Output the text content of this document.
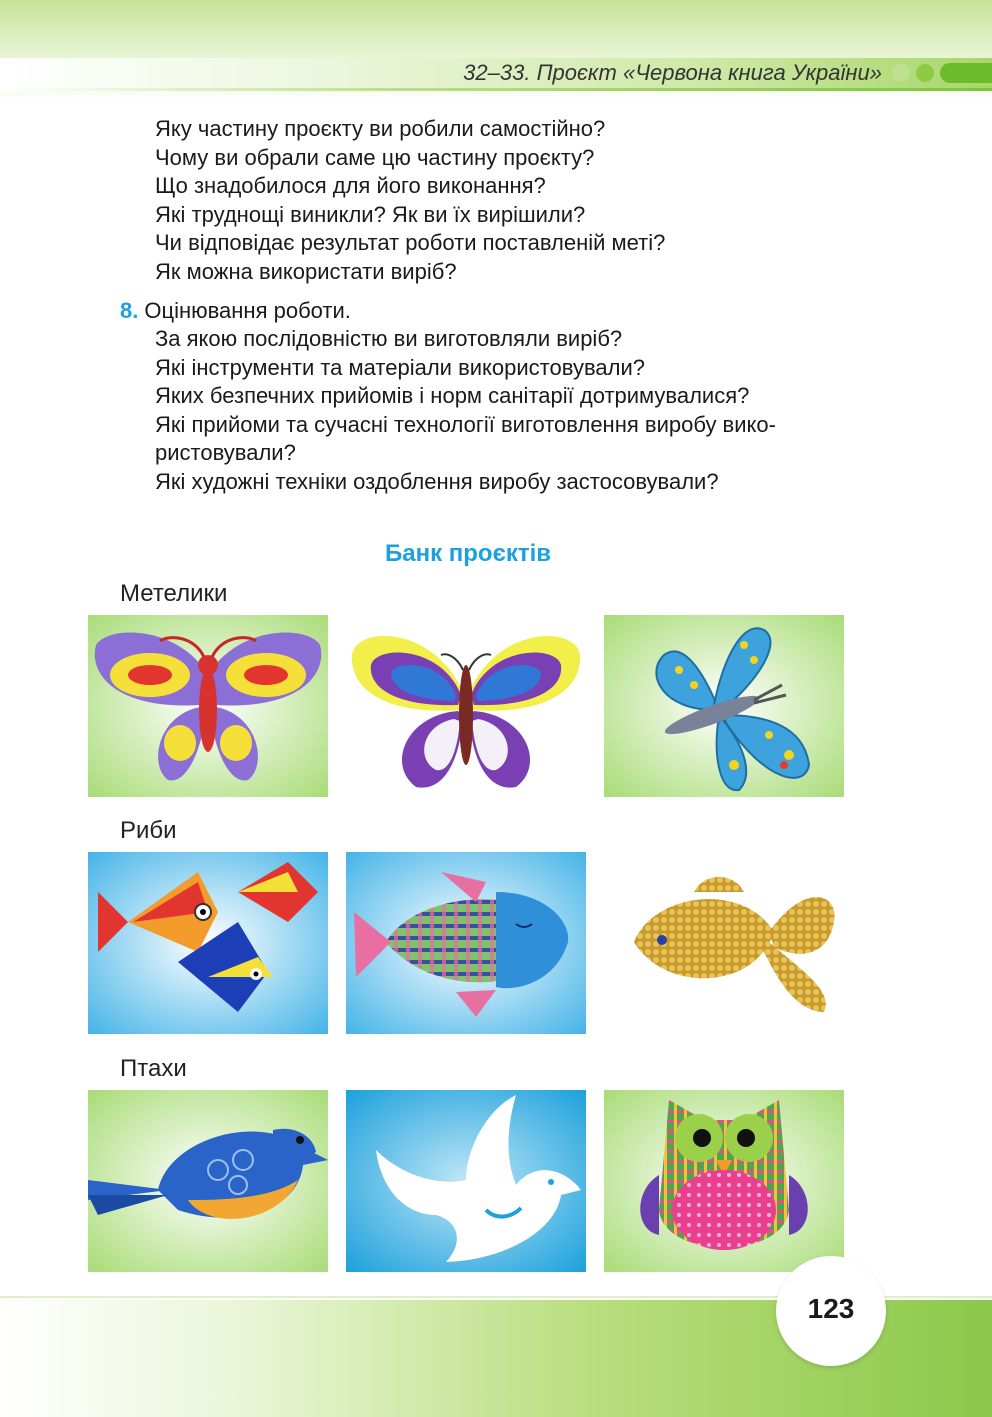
32–33. Проєкт «Червона книга України»
Яку частину проєкту ви робили самостійно?
Чому ви обрали саме цю частину проєкту?
Що знадобилося для його виконання?
Які труднощі виникли? Як ви їх вирішили?
Чи відповідає результат роботи поставленій меті?
Як можна використати виріб?
8. Оцінювання роботи.
За якою послідовністю ви виготовляли виріб?
Які інструменти та матеріали використовували?
Яких безпечних прийомів і норм санітарії дотримувалися?
Які прийоми та сучасні технології виготовлення виробу вико-
ристовували?
Які художні техніки оздоблення виробу застосовували?
Банк проєктів
Метелики
Риби
Птахи
123
